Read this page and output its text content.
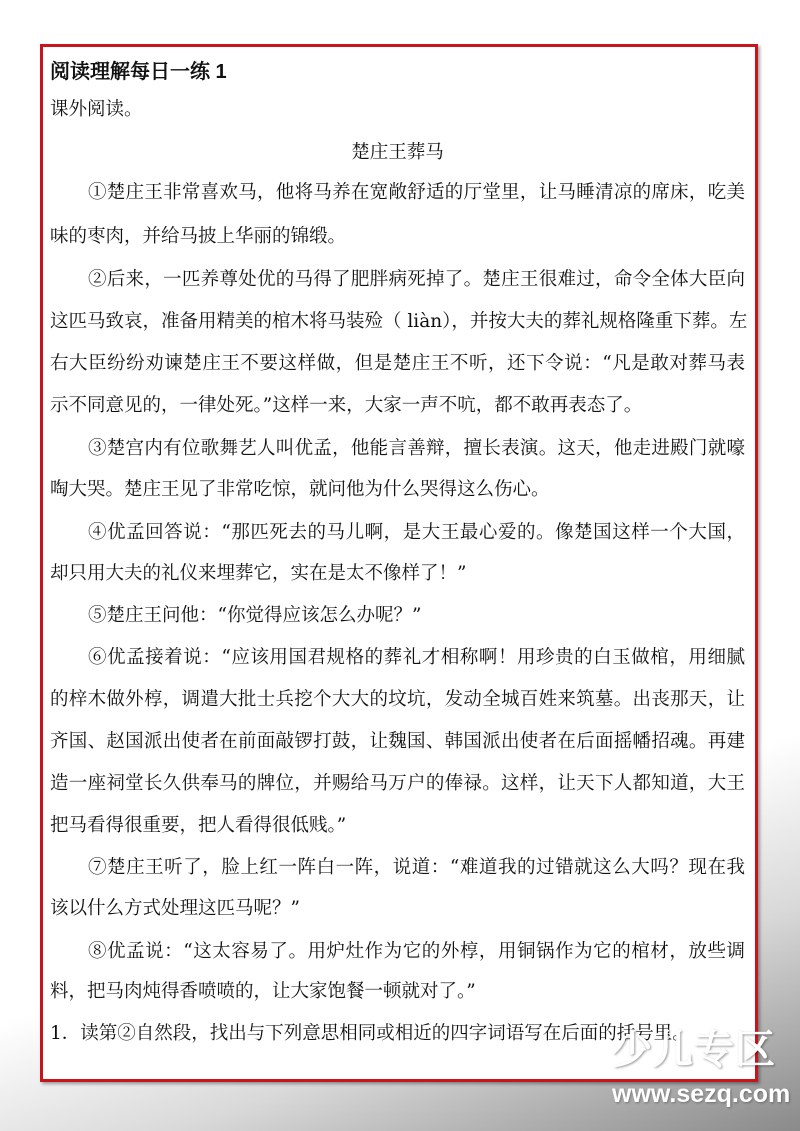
阅读理解每日一练 1
课外阅读。
楚庄王葬马
①楚庄王非常喜欢马，他将马养在宽敞舒适的厅堂里，让马睡清凉的席床，吃美
味的枣肉，并给马披上华丽的锦缎。
②后来，一匹养尊处优的马得了肥胖病死掉了。楚庄王很难过，命令全体大臣向
这匹马致哀，准备用精美的棺木将马装殓（ liàn），并按大夫的葬礼规格隆重下葬。左
右大臣纷纷劝谏楚庄王不要这样做，但是楚庄王不听，还下令说：“凡是敢对葬马表
示不同意见的，一律处死。”这样一来，大家一声不吭，都不敢再表态了。
③楚宫内有位歌舞艺人叫优孟，他能言善辩，擅长表演。这天，他走进殿门就嚎
啕大哭。楚庄王见了非常吃惊，就问他为什么哭得这么伤心。
④优孟回答说：“那匹死去的马儿啊，是大王最心爱的。像楚国这样一个大国，
却只用大夫的礼仪来埋葬它，实在是太不像样了！”
⑤楚庄王问他：“你觉得应该怎么办呢？”
⑥优孟接着说：“应该用国君规格的葬礼才相称啊！用珍贵的白玉做棺，用细腻
的梓木做外椁，调遣大批士兵挖个大大的坟坑，发动全城百姓来筑墓。出丧那天，让
齐国、赵国派出使者在前面敲锣打鼓，让魏国、韩国派出使者在后面摇幡招魂。再建
造一座祠堂长久供奉马的牌位，并赐给马万户的俸禄。这样，让天下人都知道，大王
把马看得很重要，把人看得很低贱。”
⑦楚庄王听了，脸上红一阵白一阵，说道：“难道我的过错就这么大吗？现在我
该以什么方式处理这匹马呢？”
⑧优孟说：“这太容易了。用炉灶作为它的外椁，用铜锅作为它的棺材，放些调
料，把马肉炖得香喷喷的，让大家饱餐一顿就对了。”
1．读第②自然段，找出与下列意思相同或相近的四字词语写在后面的括号里。
少儿专区
www.sezq.com
